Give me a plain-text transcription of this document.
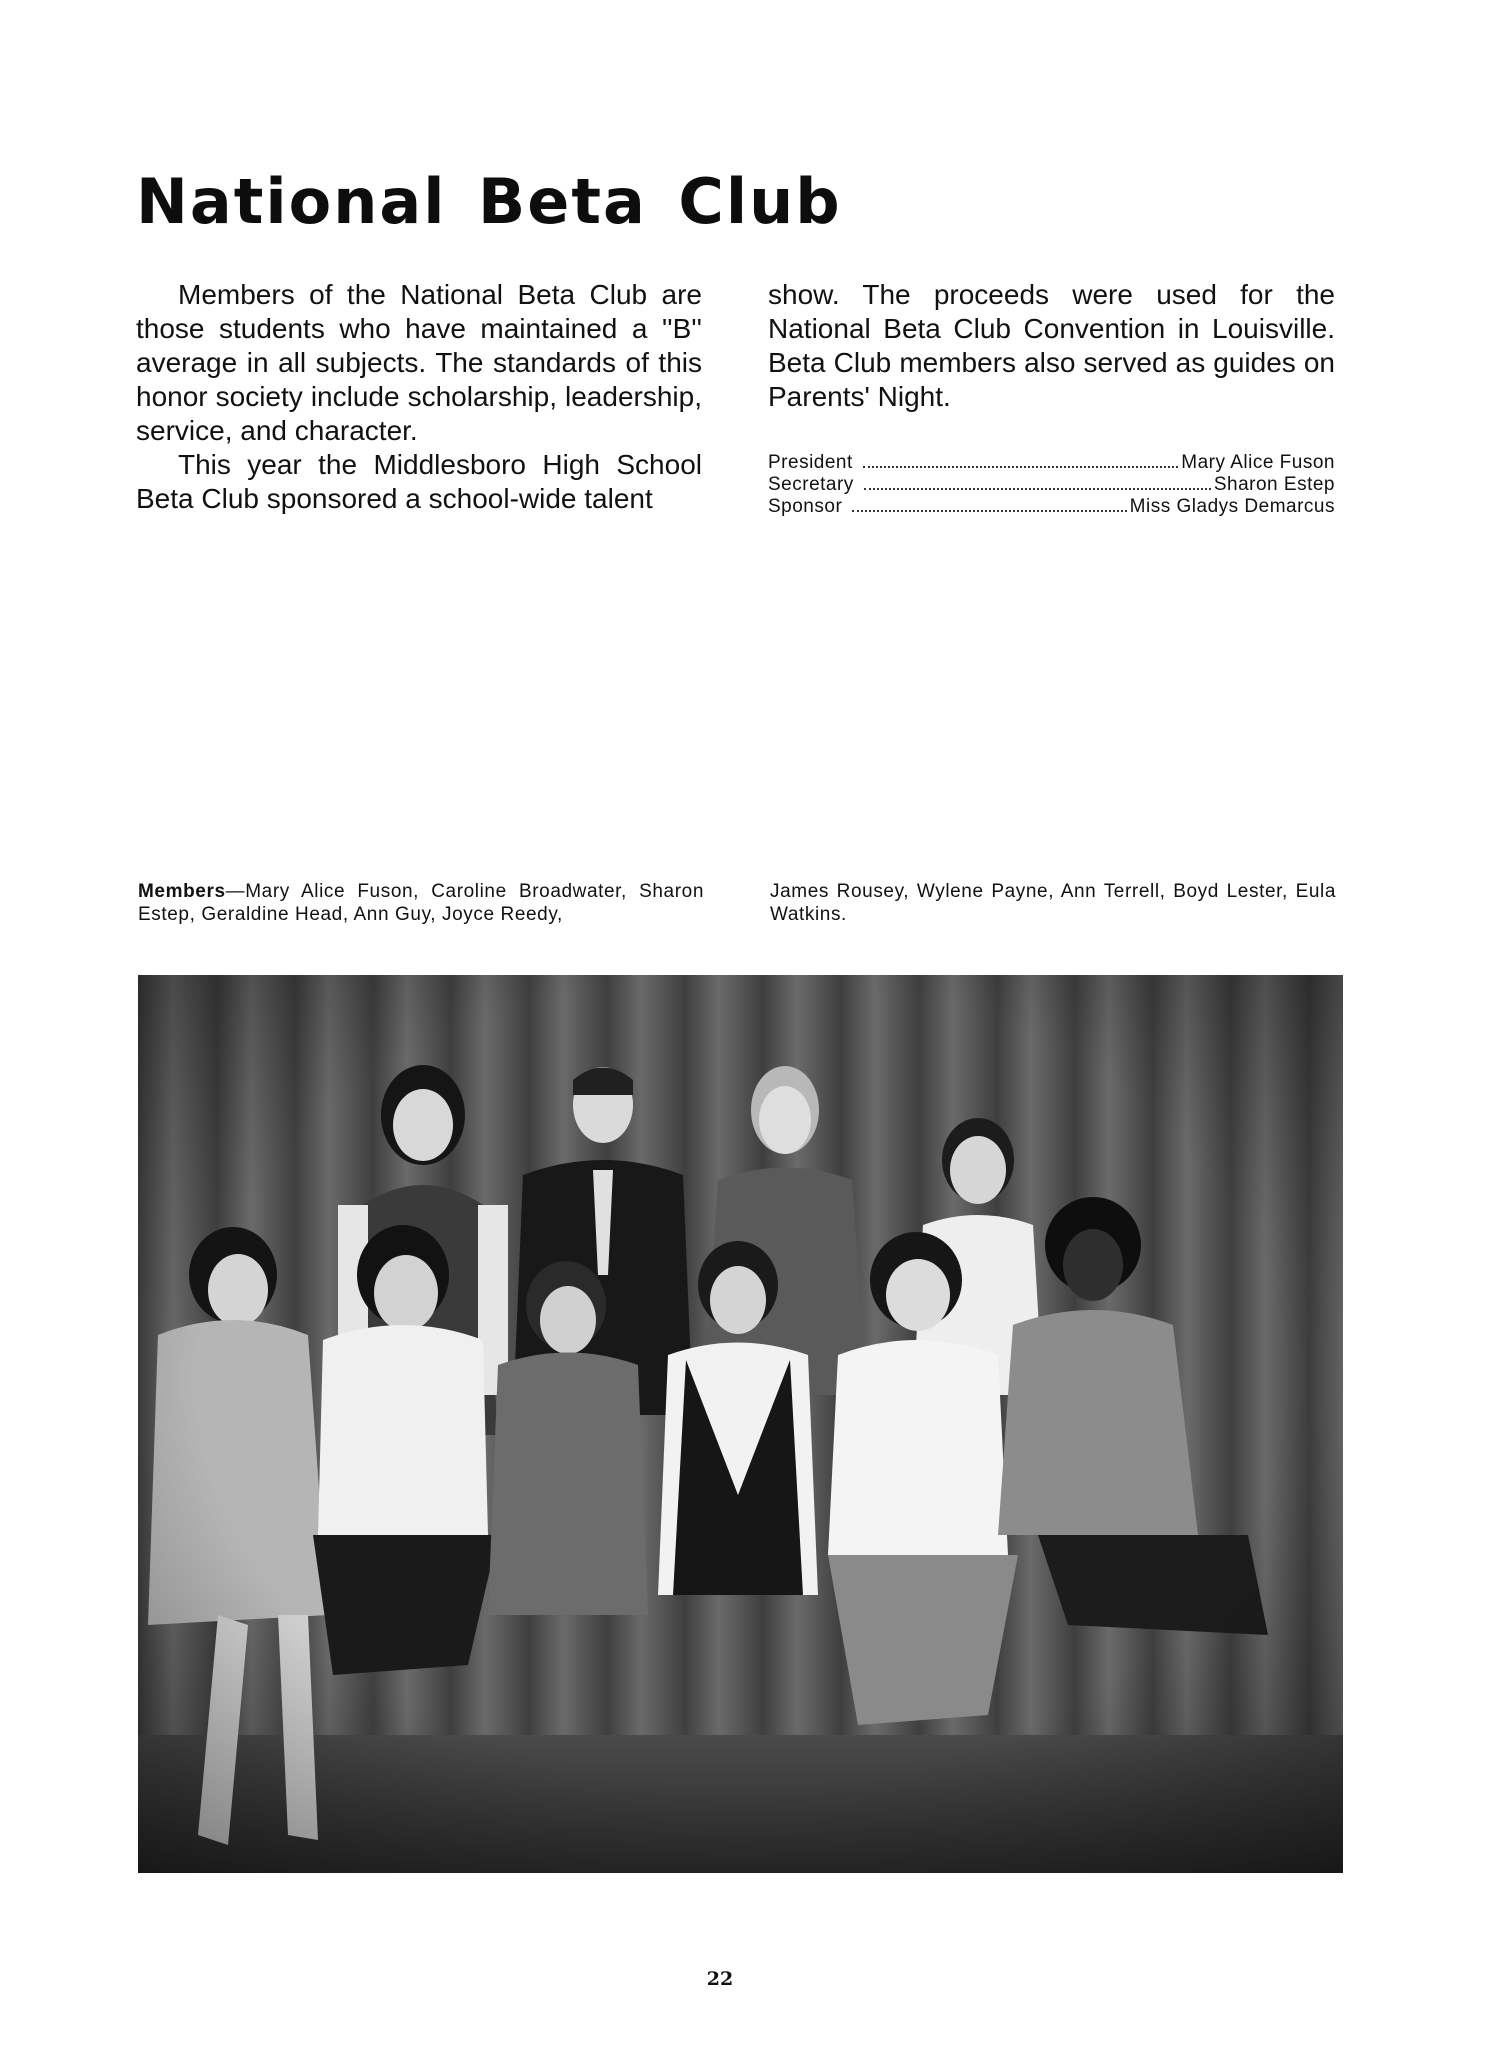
National Beta Club

Members of the National Beta Club are those students who have maintained a ''B'' average in all subjects. The standards of this honor society include scholarship, leadership, service, and character.

This year the Middlesboro High School Beta Club sponsored a school-wide talent

show. The proceeds were used for the National Beta Club Convention in Louisville. Beta Club members also served as guides on Parents' Night.

President	Mary Alice Fuson
Secretary	Sharon Estep
Sponsor	Miss Gladys Demarcus
Members—Mary Alice Fuson, Caroline Broadwater, Sharon Estep, Geraldine Head, Ann Guy, Joyce Reedy,
James Rousey, Wylene Payne, Ann Terrell, Boyd Lester, Eula Watkins.
22
